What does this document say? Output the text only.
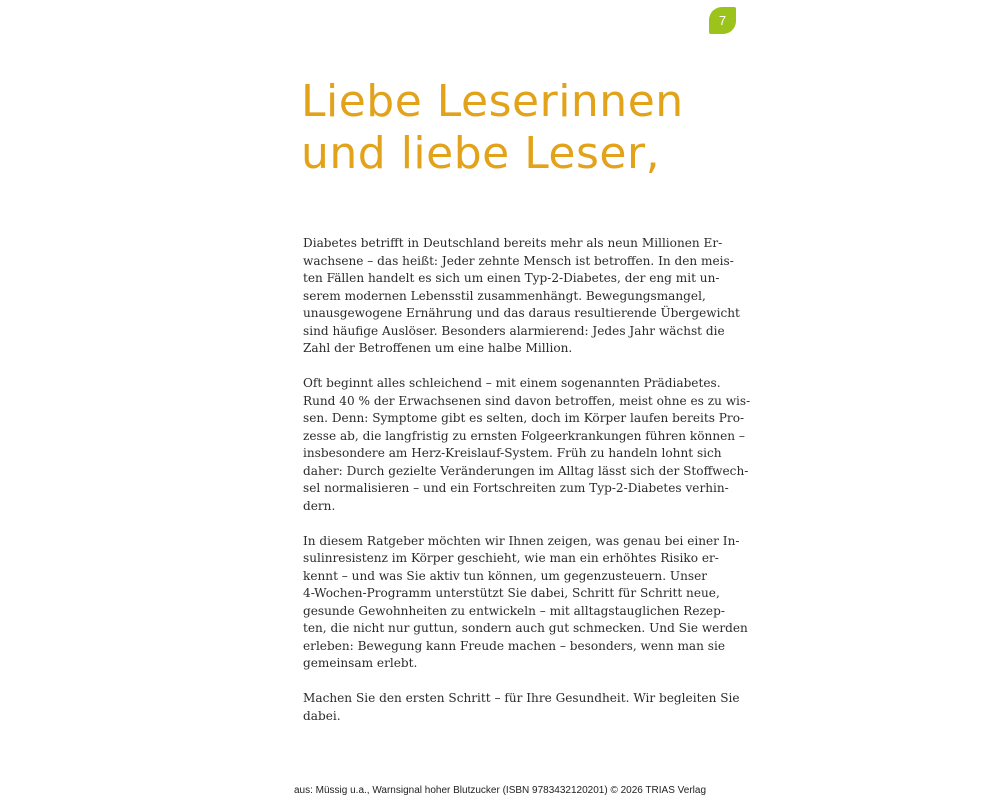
7
Liebe Leserinnen
und liebe Leser,

Diabetes betrifft in Deutschland bereits mehr als neun Millionen Er-
wachsene – das heißt: Jeder zehnte Mensch ist betroffen. In den meis-
ten Fällen handelt es sich um einen Typ-2-Diabetes, der eng mit un-
serem modernen Lebensstil zusammenhängt. Bewegungsmangel,
unausgewogene Ernährung und das daraus resultierende Übergewicht
sind häufige Auslöser. Besonders alarmierend: Jedes Jahr wächst die
Zahl der Betroffenen um eine halbe Million.

Oft beginnt alles schleichend – mit einem sogenannten Prädiabetes.
Rund 40 % der Erwachsenen sind davon betroffen, meist ohne es zu wis-
sen. Denn: Symptome gibt es selten, doch im Körper laufen bereits Pro-
zesse ab, die langfristig zu ernsten Folgeerkrankungen führen können –
insbesondere am Herz-Kreislauf-System. Früh zu handeln lohnt sich
daher: Durch gezielte Veränderungen im Alltag lässt sich der Stoffwech-
sel normalisieren – und ein Fortschreiten zum Typ-2-Diabetes verhin-
dern.

In diesem Ratgeber möchten wir Ihnen zeigen, was genau bei einer In-
sulinresistenz im Körper geschieht, wie man ein erhöhtes Risiko er-
kennt – und was Sie aktiv tun können, um gegenzusteuern. Unser
4-Wochen-Programm unterstützt Sie dabei, Schritt für Schritt neue,
gesunde Gewohnheiten zu entwickeln – mit alltagstauglichen Rezep-
ten, die nicht nur guttun, sondern auch gut schmecken. Und Sie werden
erleben: Bewegung kann Freude machen – besonders, wenn man sie
gemeinsam erlebt.

Machen Sie den ersten Schritt – für Ihre Gesundheit. Wir begleiten Sie
dabei.

aus: Müssig u.a., Warnsignal hoher Blutzucker (ISBN 9783432120201) © 2026 TRIAS Verlag
